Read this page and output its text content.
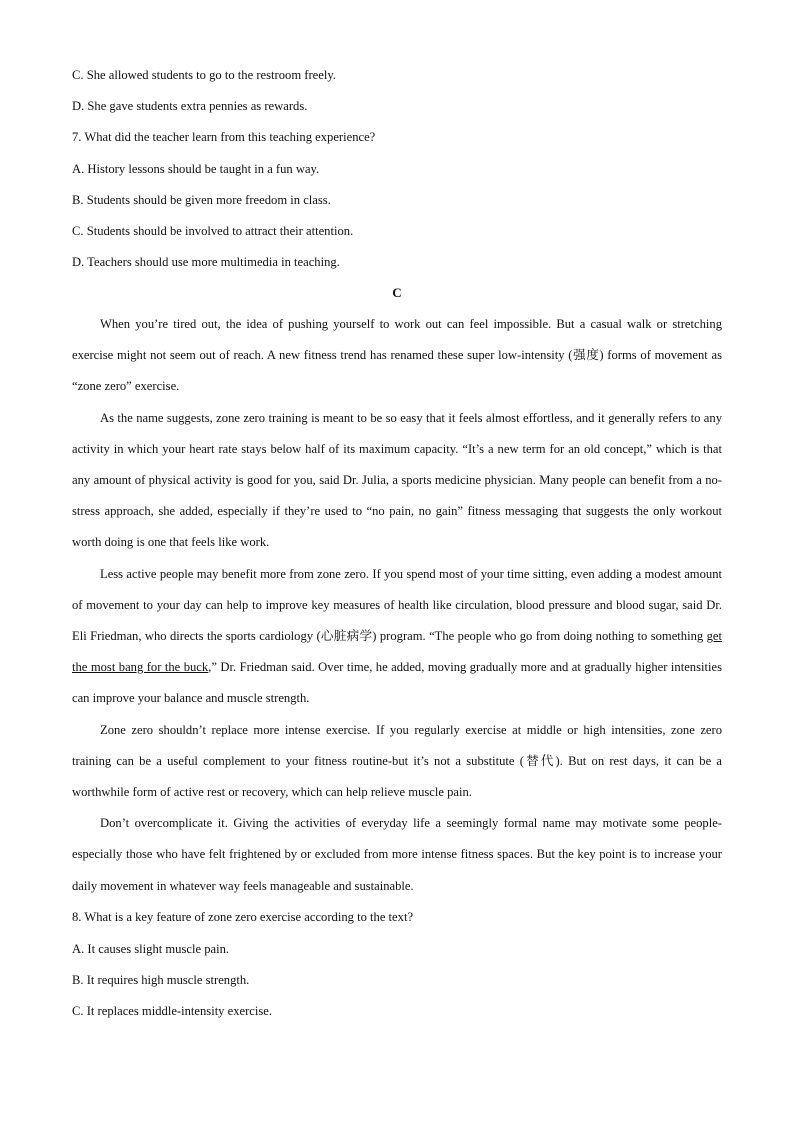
C. She allowed students to go to the restroom freely.

D. She gave students extra pennies as rewards.

7. What did the teacher learn from this teaching experience?

A. History lessons should be taught in a fun way.

B. Students should be given more freedom in class.

C. Students should be involved to attract their attention.

D. Teachers should use more multimedia in teaching.

C

When you’re tired out, the idea of pushing yourself to work out can feel impossible. But a casual walk or stretching exercise might not seem out of reach. A new fitness trend has renamed these super low-intensity (强度) forms of movement as “zone zero” exercise.

As the name suggests, zone zero training is meant to be so easy that it feels almost effortless, and it generally refers to any activity in which your heart rate stays below half of its maximum capacity. “It’s a new term for an old concept,” which is that any amount of physical activity is good for you, said Dr. Julia, a sports medicine physician. Many people can benefit from a no-stress approach, she added, especially if they’re used to “no pain, no gain” fitness messaging that suggests the only workout worth doing is one that feels like work.

Less active people may benefit more from zone zero. If you spend most of your time sitting, even adding a modest amount of movement to your day can help to improve key measures of health like circulation, blood pressure and blood sugar, said Dr. Eli Friedman, who directs the sports cardiology (心脏病学) program. “The people who go from doing nothing to something get the most bang for the buck,” Dr. Friedman said. Over time, he added, moving gradually more and at gradually higher intensities can improve your balance and muscle strength.

Zone zero shouldn’t replace more intense exercise. If you regularly exercise at middle or high intensities, zone zero training can be a useful complement to your fitness routine-but it’s not a substitute (替代). But on rest days, it can be a worthwhile form of active rest or recovery, which can help relieve muscle pain.

Don’t overcomplicate it. Giving the activities of everyday life a seemingly formal name may motivate some people-especially those who have felt frightened by or excluded from more intense fitness spaces. But the key point is to increase your daily movement in whatever way feels manageable and sustainable.

8. What is a key feature of zone zero exercise according to the text?

A. It causes slight muscle pain.

B. It requires high muscle strength.

C. It replaces middle-intensity exercise.
